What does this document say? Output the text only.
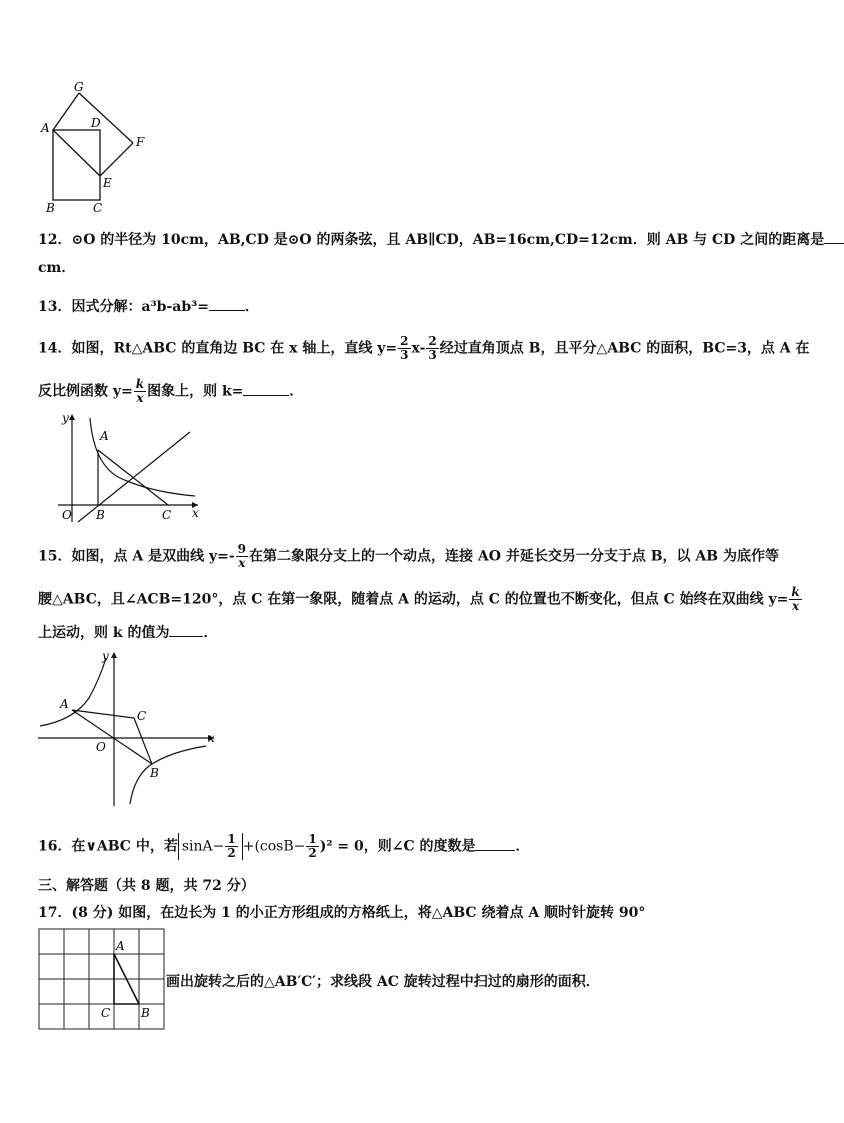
G
A	D
F
E
B	C
12．⊙O 的半径为 10cm，AB,CD 是⊙O 的两条弦，且 AB∥CD，AB=16cm,CD=12cm．则 AB 与 CD 之间的距离是
cm．
13．因式分解：a³b-ab³=	．
14．如图，Rt△ABC 的直角边 BC 在 x 轴上，直线 $y= \frac{2}{3} x- \frac{2}{3}$ 经过直角顶点 B，且平分△ABC 的面积，BC=3，点 A 在
反比例函数 $y= \frac{k}{x}$ 图象上，则 k=	．
y
A
O B	C x
15．如图，点 A 是双曲线 $y=- \frac{9}{x}$ 在第二象限分支上的一个动点，连接 AO 并延长交另一分支于点 B，以 AB 为底作等
腰△ABC，且∠ACB=120°，点 C 在第一象限，随着点 A 的运动，点 C 的位置也不断变化，但点 C 始终在双曲线 $y= \frac{k}{x}$
上运动，则 k 的值为 ．
y
A
C
O
x
B
16．在∨ABC 中，若 $\sin A- \frac{1}{2} +(\cos B- \frac{1}{2} )^2 = 0$，则∠C 的度数是	．
三、解答题（共 8 题，共 72 分）
17．(8 分) 如图，在边长为 1 的小正方形组成的方格纸上，将△ABC 绕着点 A 顺时针旋转 90°
A
C	B
画出旋转之后的△AB′C′；求线段 AC 旋转过程中扫过的扇形的面积．
